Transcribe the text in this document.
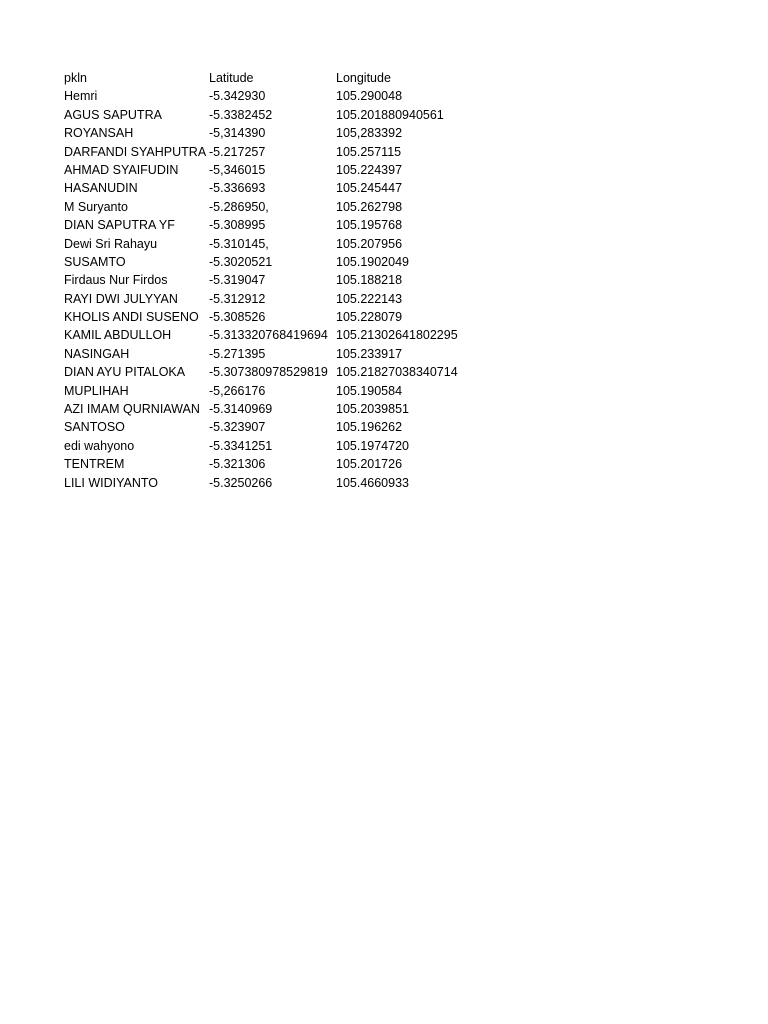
pkln	Latitude	Longitude
Hemri	-5.342930	105.290048
AGUS SAPUTRA	-5.3382452	105.201880940561
ROYANSAH	-5,314390	105,283392
DARFANDI SYAHPUTRA -5.217257	105.257115
AHMAD SYAIFUDIN	-5,346015	105.224397
HASANUDIN	-5.336693	105.245447
M Suryanto	-5.286950,	105.262798
DIAN SAPUTRA YF	-5.308995	105.195768
Dewi Sri Rahayu	-5.310145,	105.207956
SUSAMTO	-5.3020521	105.1902049
Firdaus Nur Firdos	-5.319047	105.188218
RAYI DWI JULYYAN	-5.312912	105.222143
KHOLIS ANDI SUSENO -5.308526	105.228079
KAMIL ABDULLOH	-5.313320768419694 105.21302641802295
NASINGAH	-5.271395	105.233917
DIAN AYU PITALOKA	-5.307380978529819 105.21827038340714
MUPLIHAH	-5,266176	105.190584
AZI IMAM QURNIAWAN -5.3140969	105.2039851
SANTOSO	-5.323907	105.196262
edi wahyono	-5.3341251	105.1974720
TENTREM	-5.321306	105.201726
LILI WIDIYANTO	-5.3250266	105.4660933
